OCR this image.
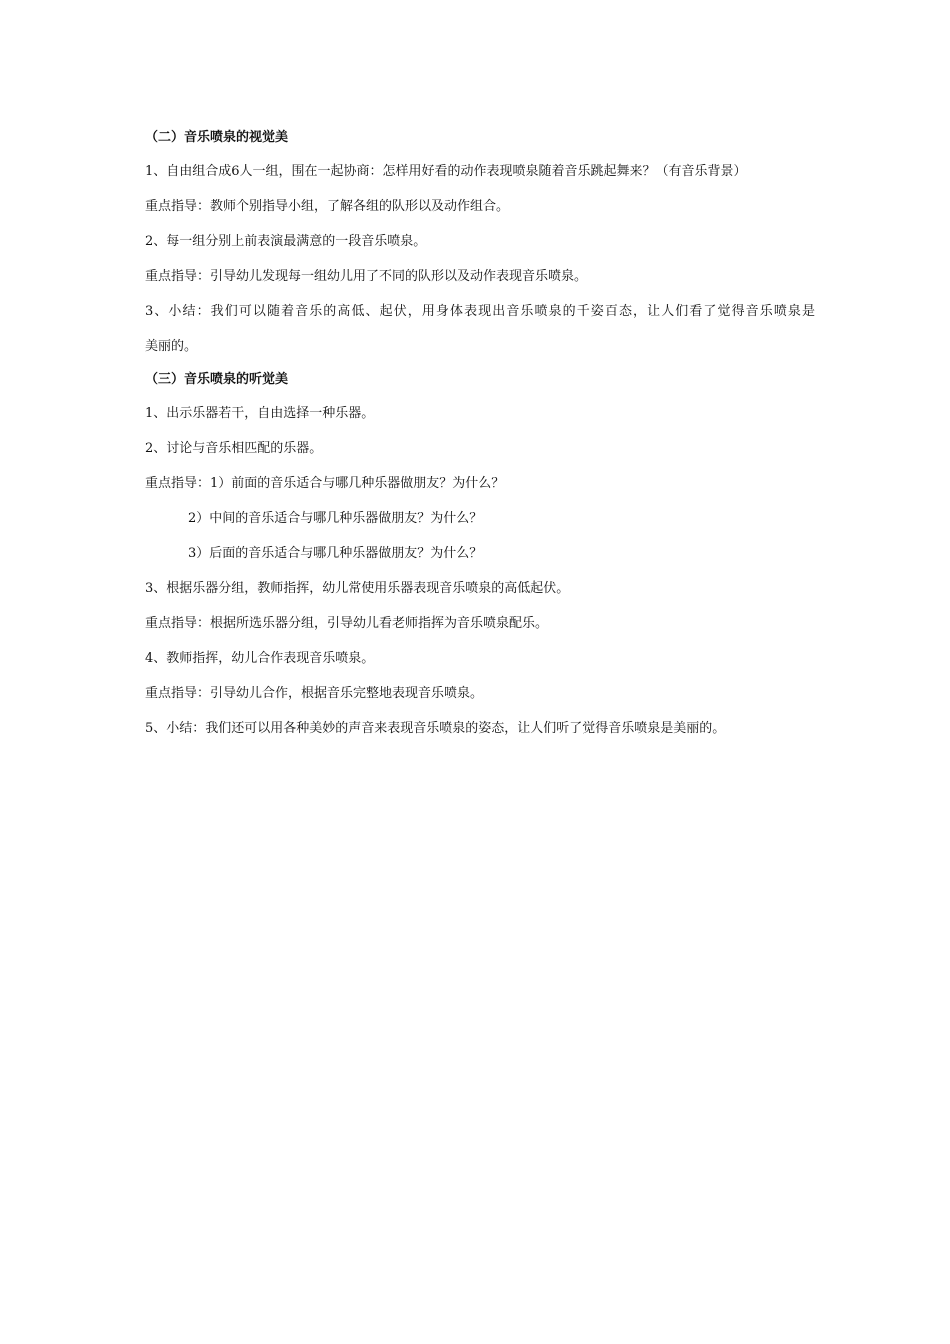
（二）音乐喷泉的视觉美
1、自由组合成6人一组，围在一起协商：怎样用好看的动作表现喷泉随着音乐跳起舞来？（有音乐背景）
重点指导：教师个别指导小组，了解各组的队形以及动作组合。
2、每一组分别上前表演最满意的一段音乐喷泉。
重点指导：引导幼儿发现每一组幼儿用了不同的队形以及动作表现音乐喷泉。
3、小结：我们可以随着音乐的高低、起伏，用身体表现出音乐喷泉的千姿百态，让人们看了觉得音乐喷泉是
美丽的。
（三）音乐喷泉的听觉美
1、出示乐器若干，自由选择一种乐器。
2、讨论与音乐相匹配的乐器。
重点指导：1）前面的音乐适合与哪几种乐器做朋友？为什么？
2）中间的音乐适合与哪几种乐器做朋友？为什么？
3）后面的音乐适合与哪几种乐器做朋友？为什么？
3、根据乐器分组，教师指挥，幼儿常使用乐器表现音乐喷泉的高低起伏。
重点指导：根据所选乐器分组，引导幼儿看老师指挥为音乐喷泉配乐。
4、教师指挥，幼儿合作表现音乐喷泉。
重点指导：引导幼儿合作，根据音乐完整地表现音乐喷泉。
5、小结：我们还可以用各种美妙的声音来表现音乐喷泉的姿态，让人们听了觉得音乐喷泉是美丽的。
